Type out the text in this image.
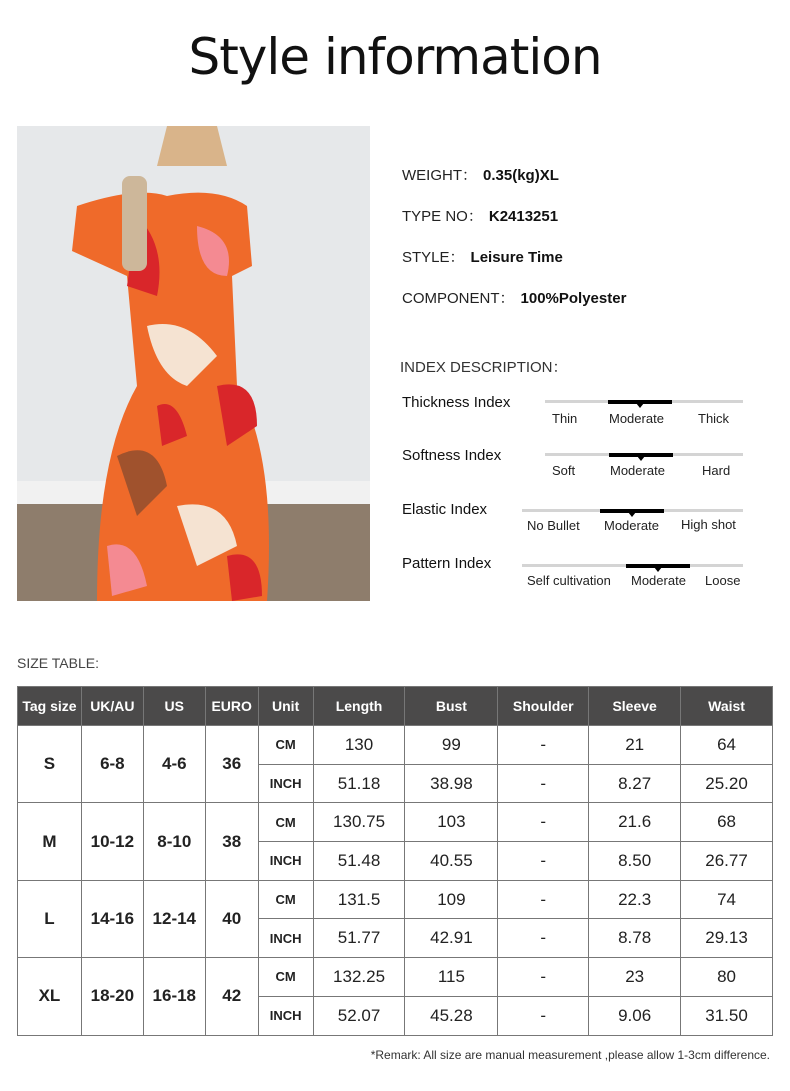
Style information
WEIGHT： 0.35(kg)XL
TYPE NO： K2413251
STYLE： Leisure Time
COMPONENT： 100%Polyester
INDEX DESCRIPTION：
Thickness Index
Thin Moderate	Thick
Softness Index
Soft	Moderate	Hard
Elastic Index
No Bullet Moderate High shot
Pattern Index
Self cultivation Moderate Loose
SIZE TABLE:
Tag size	UK/AU	US	EURO	Unit	Length	Bust	Shoulder	Sleeve	Waist
S	6-8	4-6	36	CM	130	99	-	21	64
				INCH	51.18	38.98	-	8.27	25.20
M	10-12	8-10	38	CM	130.75	103	-	21.6	68
				INCH	51.48	40.55	-	8.50	26.77
L	14-16	12-14	40	CM	131.5	109	-	22.3	74
				INCH	51.77	42.91	-	8.78	29.13
XL	18-20	16-18	42	CM	132.25	115	-	23	80
				INCH	52.07	45.28	-	9.06	31.50
*Remark: All size are manual measurement ,please allow 1-3cm difference.
